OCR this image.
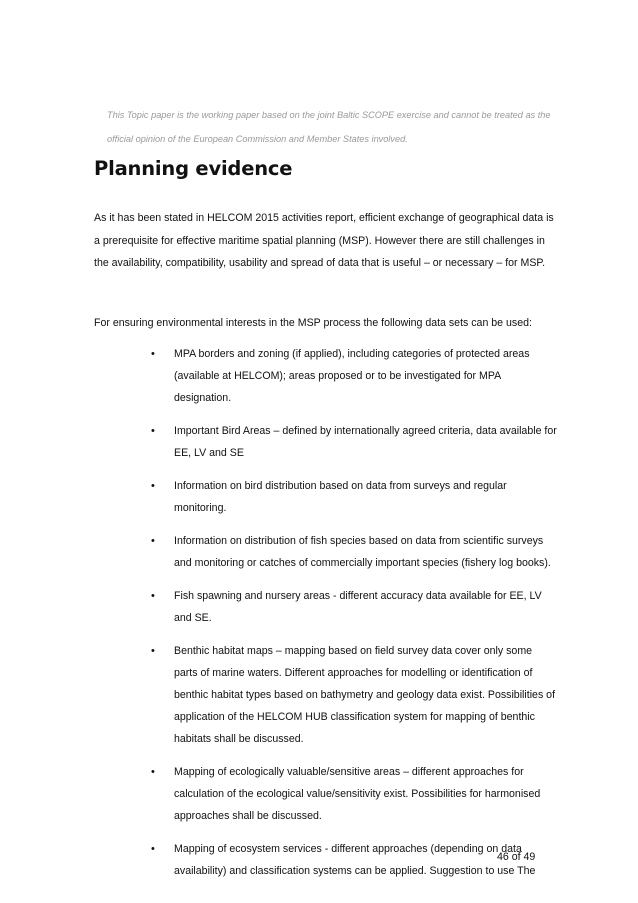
This Topic paper is the working paper based on the joint Baltic SCOPE exercise and cannot be treated as the official opinion of the European Commission and Member States involved.

Planning evidence

As it has been stated in HELCOM 2015 activities report, efficient exchange of geographical data is a prerequisite for effective maritime spatial planning (MSP). However there are still challenges in the availability, compatibility, usability and spread of data that is useful – or necessary – for MSP.

For ensuring environmental interests in the MSP process the following data sets can be used:

• MPA borders and zoning (if applied), including categories of protected areas (available at HELCOM); areas proposed or to be investigated for MPA designation.
• Important Bird Areas – defined by internationally agreed criteria, data available for EE, LV and SE
• Information on bird distribution based on data from surveys and regular monitoring.
• Information on distribution of fish species based on data from scientific surveys and monitoring or catches of commercially important species (fishery log books).
• Fish spawning and nursery areas - different accuracy data available for EE, LV and SE.
• Benthic habitat maps – mapping based on field survey data cover only some parts of marine waters. Different approaches for modelling or identification of benthic habitat types based on bathymetry and geology data exist. Possibilities of application of the HELCOM HUB classification system for mapping of benthic habitats shall be discussed.
• Mapping of ecologically valuable/sensitive areas – different approaches for calculation of the ecological value/sensitivity exist. Possibilities for harmonised approaches shall be discussed.
• Mapping of ecosystem services - different approaches (depending on data availability) and classification systems can be applied. Suggestion to use The

46 of 49
